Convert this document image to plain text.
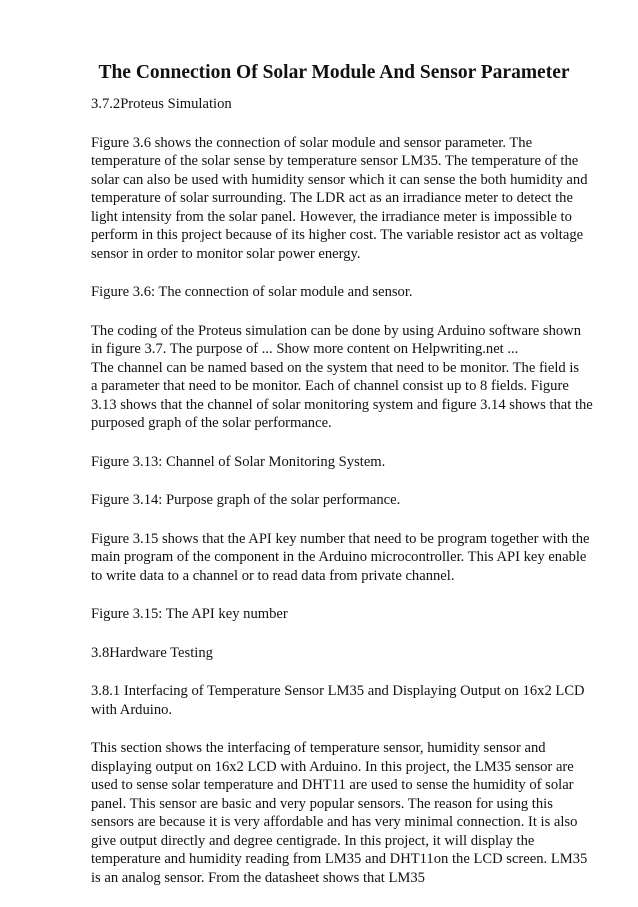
The Connection Of Solar Module And Sensor Parameter
3.7.2Proteus Simulation
Figure 3.6 shows the connection of solar module and sensor parameter. The
temperature of the solar sense by temperature sensor LM35. The temperature of the
solar can also be used with humidity sensor which it can sense the both humidity and
temperature of solar surrounding. The LDR act as an irradiance meter to detect the
light intensity from the solar panel. However, the irradiance meter is impossible to
perform in this project because of its higher cost. The variable resistor act as voltage
sensor in order to monitor solar power energy.
Figure 3.6: The connection of solar module and sensor.
The coding of the Proteus simulation can be done by using Arduino software shown
in figure 3.7. The purpose of ... Show more content on Helpwriting.net ...
The channel can be named based on the system that need to be monitor. The field is
a parameter that need to be monitor. Each of channel consist up to 8 fields. Figure
3.13 shows that the channel of solar monitoring system and figure 3.14 shows that the
purposed graph of the solar performance.
Figure 3.13: Channel of Solar Monitoring System.
Figure 3.14: Purpose graph of the solar performance.
Figure 3.15 shows that the API key number that need to be program together with the
main program of the component in the Arduino microcontroller. This API key enable
to write data to a channel or to read data from private channel.
Figure 3.15: The API key number
3.8Hardware Testing
3.8.1 Interfacing of Temperature Sensor LM35 and Displaying Output on 16x2 LCD
with Arduino.
This section shows the interfacing of temperature sensor, humidity sensor and
displaying output on 16x2 LCD with Arduino. In this project, the LM35 sensor are
used to sense solar temperature and DHT11 are used to sense the humidity of solar
panel. This sensor are basic and very popular sensors. The reason for using this
sensors are because it is very affordable and has very minimal connection. It is also
give output directly and degree centigrade. In this project, it will display the
temperature and humidity reading from LM35 and DHT11on the LCD screen. LM35
is an analog sensor. From the datasheet shows that LM35
